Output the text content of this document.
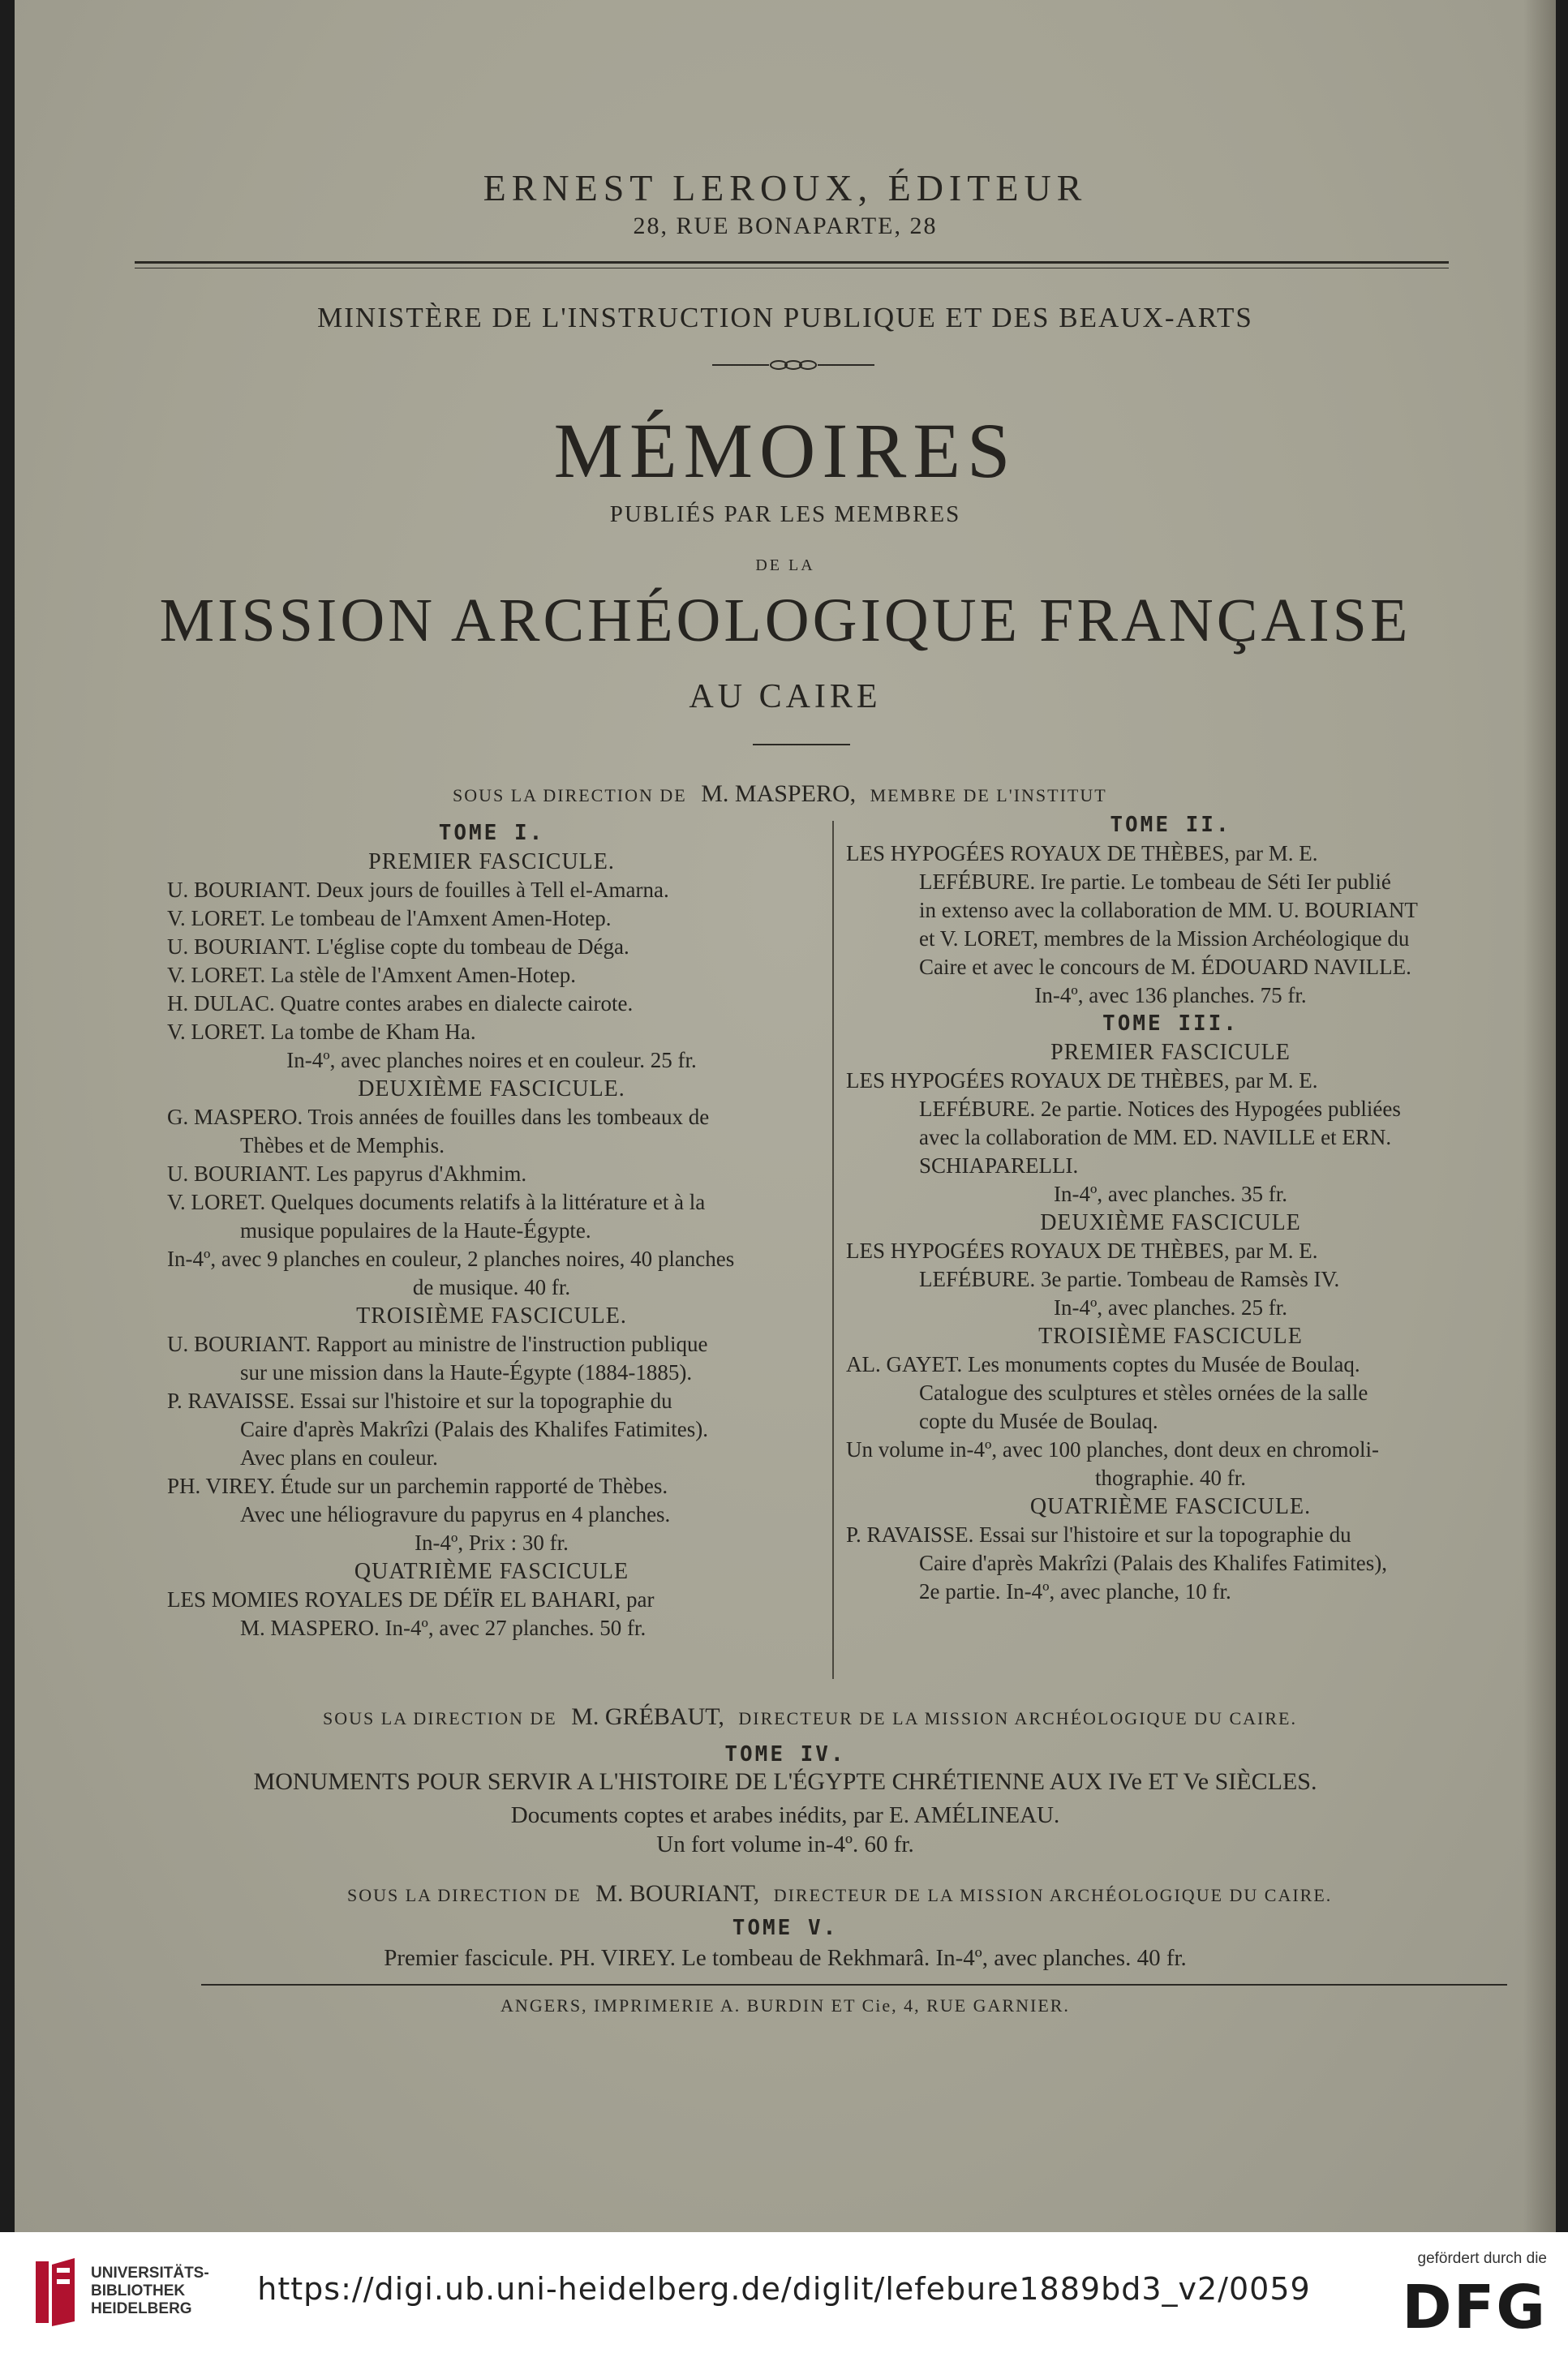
ERNEST LEROUX, ÉDITEUR
28, RUE BONAPARTE, 28
MINISTÈRE DE L'INSTRUCTION PUBLIQUE ET DES BEAUX-ARTS
MÉMOIRES
PUBLIÉS PAR LES MEMBRES
DE LA
MISSION ARCHÉOLOGIQUE FRANÇAISE
AU CAIRE
SOUS LA DIRECTION DE M. MASPERO, MEMBRE DE L'INSTITUT
TOME I.
PREMIER FASCICULE.
U. BOURIANT. Deux jours de fouilles à Tell el-Amarna.
V. LORET. Le tombeau de l'Amxent Amen-Hotep.
U. BOURIANT. L'église copte du tombeau de Déga.
V. LORET. La stèle de l'Amxent Amen-Hotep.
H. DULAC. Quatre contes arabes en dialecte cairote.
V. LORET. La tombe de Kham Ha.
In-4º, avec planches noires et en couleur. 25 fr.
DEUXIÈME FASCICULE.
G. MASPERO. Trois années de fouilles dans les tombeaux de
Thèbes et de Memphis.
U. BOURIANT. Les papyrus d'Akhmim.
V. LORET. Quelques documents relatifs à la littérature et à la
musique populaires de la Haute-Égypte.
In-4º, avec 9 planches en couleur, 2 planches noires, 40 planches
de musique. 40 fr.
TROISIÈME FASCICULE.
U. BOURIANT. Rapport au ministre de l'instruction publique
sur une mission dans la Haute-Égypte (1884-1885).
P. RAVAISSE. Essai sur l'histoire et sur la topographie du
Caire d'après Makrîzi (Palais des Khalifes Fatimites).
Avec plans en couleur.
PH. VIREY. Étude sur un parchemin rapporté de Thèbes.
Avec une héliogravure du papyrus en 4 planches.
In-4º, Prix : 30 fr.
QUATRIÈME FASCICULE
LES MOMIES ROYALES DE DÉÏR EL BAHARI, par
M. MASPERO. In-4º, avec 27 planches. 50 fr.
TOME II.
LES HYPOGÉES ROYAUX DE THÈBES, par M. E.
LEFÉBURE. Ire partie. Le tombeau de Séti Ier publié
in extenso avec la collaboration de MM. U. BOURIANT
et V. LORET, membres de la Mission Archéologique du
Caire et avec le concours de M. ÉDOUARD NAVILLE.
In-4º, avec 136 planches. 75 fr.
TOME III.
PREMIER FASCICULE
LES HYPOGÉES ROYAUX DE THÈBES, par M. E.
LEFÉBURE. 2e partie. Notices des Hypogées publiées
avec la collaboration de MM. ED. NAVILLE et ERN.
SCHIAPARELLI.
In-4º, avec planches. 35 fr.
DEUXIÈME FASCICULE
LES HYPOGÉES ROYAUX DE THÈBES, par M. E.
LEFÉBURE. 3e partie. Tombeau de Ramsès IV.
In-4º, avec planches. 25 fr.
TROISIÈME FASCICULE
AL. GAYET. Les monuments coptes du Musée de Boulaq.
Catalogue des sculptures et stèles ornées de la salle
copte du Musée de Boulaq.
Un volume in-4º, avec 100 planches, dont deux en chromoli-
thographie. 40 fr.
QUATRIÈME FASCICULE.
P. RAVAISSE. Essai sur l'histoire et sur la topographie du
Caire d'après Makrîzi (Palais des Khalifes Fatimites),
2e partie. In-4º, avec planche, 10 fr.
SOUS LA DIRECTION DE M. GRÉBAUT, DIRECTEUR DE LA MISSION ARCHÉOLOGIQUE DU CAIRE.
TOME IV.
MONUMENTS POUR SERVIR A L'HISTOIRE DE L'ÉGYPTE CHRÉTIENNE AUX IVe ET Ve SIÈCLES.
Documents coptes et arabes inédits, par E. AMÉLINEAU.
Un fort volume in-4º. 60 fr.
SOUS LA DIRECTION DE M. BOURIANT, DIRECTEUR DE LA MISSION ARCHÉOLOGIQUE DU CAIRE.
TOME V.
Premier fascicule. PH. VIREY. Le tombeau de Rekhmarâ. In-4º, avec planches. 40 fr.
ANGERS, IMPRIMERIE A. BURDIN ET Cie, 4, RUE GARNIER.
UNIVERSITÄTS-
BIBLIOTHEK
HEIDELBERG
https://digi.ub.uni-heidelberg.de/diglit/lefebure1889bd3_v2/0059
gefördert durch die
DFG
